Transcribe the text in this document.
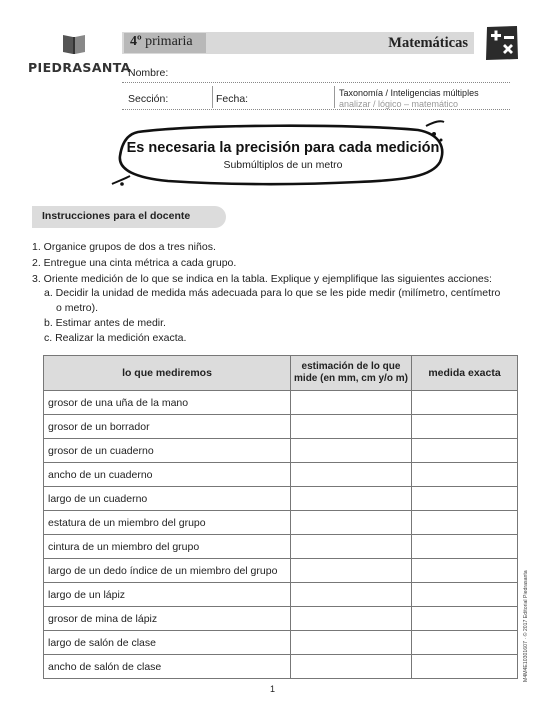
PIEDRASANTA
4º primaria	Matemáticas
Nombre:
Sección:	Fecha:	Taxonomía / Inteligencias múltiples
analizar / lógico – matemático
Es necesaria la precisión para cada medición
Submúltiplos de un metro
Instrucciones para el docente
1. Organice grupos de dos a tres niños.
2. Entregue una cinta métrica a cada grupo.
3. Oriente medición de lo que se indica en la tabla. Explique y ejemplifique las siguientes acciones:
a. Decidir la unidad de medida más adecuada para lo que se les pide medir (milímetro, centímetro
o metro).
b. Estimar antes de medir.
c. Realizar la medición exacta.
lo que mediremos	estimación de lo que mide (en mm, cm y/o m)	medida exacta
grosor de una uña de la mano		
grosor de un borrador		
grosor de un cuaderno		
ancho de un cuaderno		
largo de un cuaderno		
estatura de un miembro del grupo		
cintura de un miembro del grupo		
largo de un dedo índice de un miembro del grupo		
largo de un lápiz		
grosor de mina de lápiz		
largo de salón de clase		
ancho de salón de clase			M4M4E10301607 · © 2017 Editorial Piedrasanta
1
